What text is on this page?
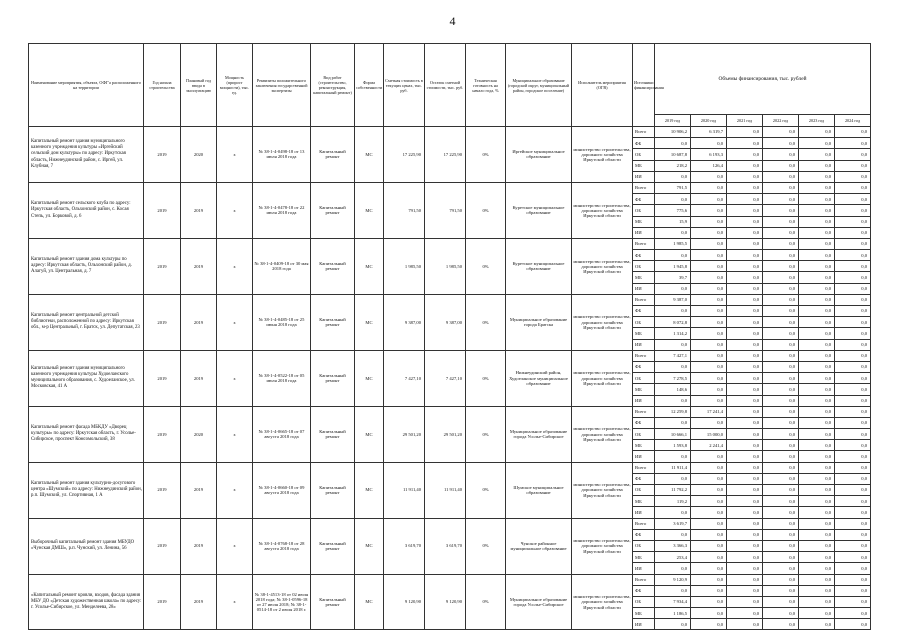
4
Наименование мероприятия, объекта, ОФГ'а расположенного на территории	Год начала строительства	Плановый год ввода в эксплуатацию	Мощность (прирост мощности), тыс. ед.	Реквизиты положительного заключения государственной экспертизы	Вид работ (строительство, реконструкция, капитальный ремонт)	Форма собственности	Сметная стоимость в текущих ценах, тыс. руб.	Остаток сметной стоимости, тыс. руб.	Техническая готовность на начало года, %	Муниципальное образование (городской округ, муниципальный район, городское поселение)	Исполнитель мероприятия (ОГВ)	Источники финансирования	Объемы финансирования, тыс. рублей					
													2019 год	2020 год	2021 год	2022 год	2023 год	2024 год
Капитальный ремонт здания муниципального казенного учреждения культуры «Иргейский сельский дом культуры» по адресу: Иркутская область, Нижнеудинский район, с. Иргей, ул. Клубная, 7	2019	2020	х	№ 38-1-4-0498-18 от 13 июля 2018 года	Капитальный ремонт	МС	17 225,90	17 225,90	0%	Иргейское муниципальное образование	министерство строительства, дорожного хозяйства Иркутской области	Всего	10 906,2	6 319,7	0,0	0,0	0,0	0,0
												ФБ	0,0	0,0	0,0	0,0	0,0	0,0
												ОБ	10 687,8	6 193,3	0,0	0,0	0,0	0,0
												МБ	218,2	126,4	0,0	0,0	0,0	0,0
												ИИ	0,0	0,0	0,0	0,0	0,0	0,0
Капитальный ремонт сельского клуба по адресу: Иркутская область, Ольхонский район, с. Косая Степь, ул. Борковой, д. 6	2019	2019	х	№ 38-1-4-0478-18 от 22 июля 2018 года	Капитальный ремонт	МС	791,50	791,50	0%	Куретское муниципальное образование	министерство строительства, дорожного хозяйства Иркутской области	Всего	791,5	0,0	0,0	0,0	0,0	0,0
												ФБ	0,0	0,0	0,0	0,0	0,0	0,0
												ОБ	775,6	0,0	0,0	0,0	0,0	0,0
												МБ	15,9	0,0	0,0	0,0	0,0	0,0
												ИИ	0,0	0,0	0,0	0,0	0,0	0,0
Капитальный ремонт здания дома культуры по адресу: Иркутская область, Ольхонский район, д. Алагуй, ул. Центральная, д. 7	2019	2019	х	№ 38-1-4-0409-18 от 30 мая 2018 года	Капитальный ремонт	МС	1 985,50	1 985,50	0%	Куретское муниципальное образование	министерство строительства, дорожного хозяйства Иркутской области	Всего	1 985,5	0,0	0,0	0,0	0,0	0,0
												ФБ	0,0	0,0	0,0	0,0	0,0	0,0
												ОБ	1 945,8	0,0	0,0	0,0	0,0	0,0
												МБ	39,7	0,0	0,0	0,0	0,0	0,0
												ИИ	0,0	0,0	0,0	0,0	0,0	0,0
Капитальный ремонт центральной детской библиотеки, расположенной по адресу: Иркутская обл., м-р Центральный, г. Братск, ул. Депутатская, 23	2019	2019	х	№ 38-1-4-0485-18 от 25 июня 2018 года	Капитальный ремонт	МС	9 387,00	9 387,00	0%	Муниципальное образование города Братска	министерство строительства, дорожного хозяйства Иркутской области	Всего	9 387,0	0,0	0,0	0,0	0,0	0,0
												ФБ	0,0	0,0	0,0	0,0	0,0	0,0
												ОБ	8 072,8	0,0	0,0	0,0	0,0	0,0
												МБ	1 314,2	0,0	0,0	0,0	0,0	0,0
												ИИ	0,0	0,0	0,0	0,0	0,0	0,0
Капитальный ремонт здания муниципального казенного учреждения культуры Худоеланского муниципального образования, с. Худоеланское, ул. Московская, 41 А	2019	2019	х	№ 38-1-4-0522-18 от 05 июля 2018 года	Капитальный ремонт	МС	7 427,10	7 427,10	0%	Нижнеудинский район, Худоеланское муниципальное образование	министерство строительства, дорожного хозяйства Иркутской области	Всего	7 427,1	0,0	0,0	0,0	0,0	0,0
												ФБ	0,0	0,0	0,0	0,0	0,0	0,0
												ОБ	7 278,5	0,0	0,0	0,0	0,0	0,0
												МБ	148,6	0,0	0,0	0,0	0,0	0,0
												ИИ	0,0	0,0	0,0	0,0	0,0	0,0
Капитальный ремонт фасада МБКДУ «Дворец культуры» по адресу: Иркутская область, г. Усолье-Сибирское, проспект Комсомольский, 38	2019	2020	х	№ 38-1-4-0665-18 от 07 августа 2018 года	Капитальный ремонт	МС	29 501,20	29 501,20	0%	Муниципальное образование города Усолье-Сибирское	министерство строительства, дорожного хозяйства Иркутской области	Всего	12 259,8	17 241,4	0,0	0,0	0,0	0,0
												ФБ	0,0	0,0	0,0	0,0	0,0	0,0
												ОБ	10 666,1	15 000,0	0,0	0,0	0,0	0,0
												МБ	1 593,8	2 241,4	0,0	0,0	0,0	0,0
												ИИ	0,0	0,0	0,0	0,0	0,0	0,0
Капитальный ремонт здания культурно-досугового центра «Шумский» по адресу: Нижнеудинский район, р.п. Шумский, ул. Спортивная, 1 А	2019	2019	х	№ 38-1-4-0660-18 от 09 августа 2018 года	Капитальный ремонт	МС	11 911,40	11 911,40	0%	Шумское муниципальное образование	министерство строительства, дорожного хозяйства Иркутской области	Всего	11 911,4	0,0	0,0	0,0	0,0	0,0
												ФБ	0,0	0,0	0,0	0,0	0,0	0,0
												ОБ	11 792,2	0,0	0,0	0,0	0,0	0,0
												МБ	119,2	0,0	0,0	0,0	0,0	0,0
												ИИ	0,0	0,0	0,0	0,0	0,0	0,0
Выборочный капитальный ремонт здания МБУДО «Чунская ДМШ», р.п. Чунский, ул. Ленина, 56	2019	2019	х	№ 38-1-4-0768-18 от 28 августа 2018 года	Капитальный ремонт	МС	3 619,70	3 619,70	0%	Чунское районное муниципальное образование	министерство строительства, дорожного хозяйства Иркутской области	Всего	3 619,7	0,0	0,0	0,0	0,0	0,0
												ФБ	0,0	0,0	0,0	0,0	0,0	0,0
												ОБ	3 366,3	0,0	0,0	0,0	0,0	0,0
												МБ	253,4	0,0	0,0	0,0	0,0	0,0
												ИИ	0,0	0,0	0,0	0,0	0,0	0,0
«Капитальный ремонт кровли, входов, фасада здания МБУ ДО «Детская художественная школа» по адресу: г. Усолье-Сибирское, ул. Менделеева, 28»	2019	2019	х	№ 38-1-4513-18 от 02 июля 2018 года; № 38-1-0596-18 от 27 июля 2018; № 38-1-0514-18 от 2 июля 2018 г.	Капитальный ремонт	МС	9 120,90	9 120,90	0%	Муниципальное образование города Усолье-Сибирское	министерство строительства, дорожного хозяйства Иркутской области	Всего	9 120,9	0,0	0,0	0,0	0,0	0,0
												ФБ	0,0	0,0	0,0	0,0	0,0	0,0
												ОБ	7 934,4	0,0	0,0	0,0	0,0	0,0
												МБ	1 186,5	0,0	0,0	0,0	0,0	0,0
												ИИ	0,0	0,0	0,0	0,0	0,0	0,0
